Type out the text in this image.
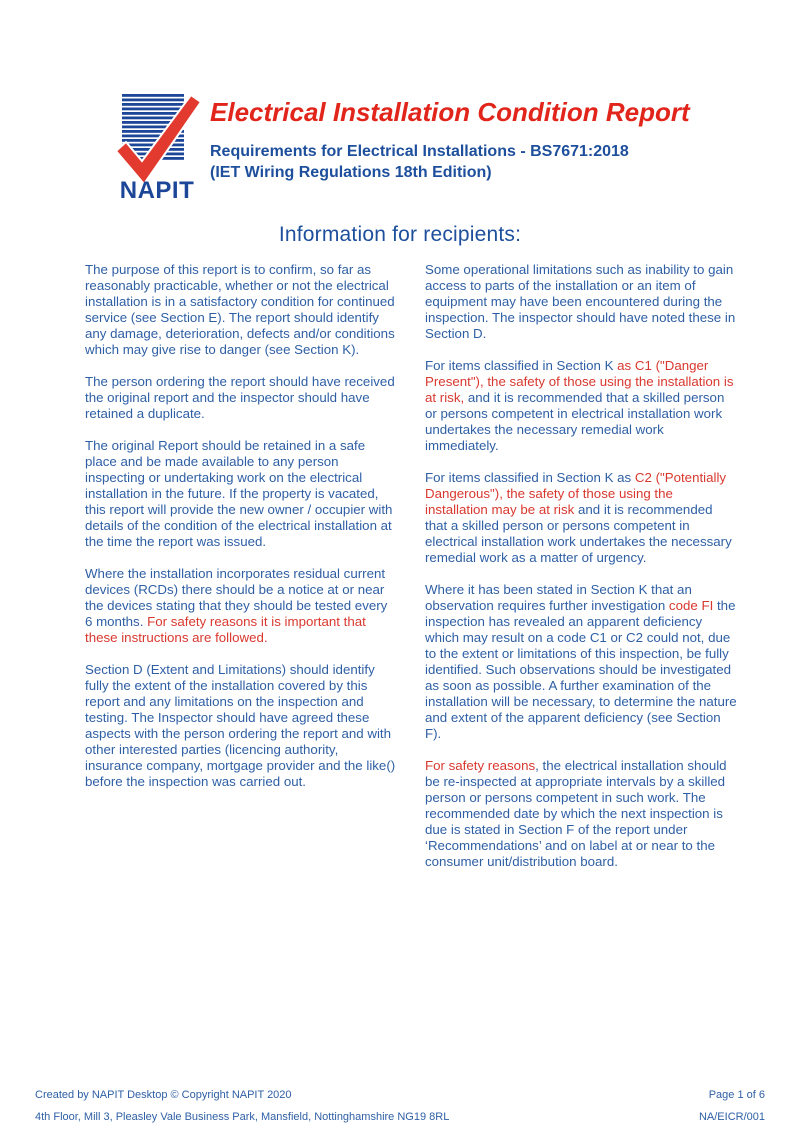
NAPIT
Electrical Installation Condition Report
Requirements for Electrical Installations - BS7671:2018
(IET Wiring Regulations 18th Edition)
Information for recipients:

The purpose of this report is to confirm, so far as reasonably practicable, whether or not the electrical installation is in a satisfactory condition for continued service (see Section E). The report should identify any damage, deterioration, defects and/or conditions which may give rise to danger (see Section K).

The person ordering the report should have received the original report and the inspector should have retained a duplicate.

The original Report should be retained in a safe place and be made available to any person inspecting or undertaking work on the electrical installation in the future. If the property is vacated, this report will provide the new owner / occupier with details of the condition of the electrical installation at the time the report was issued.

Where the installation incorporates residual current devices (RCDs) there should be a notice at or near the devices stating that they should be tested every 6 months. For safety reasons it is important that these instructions are followed.

Section D (Extent and Limitations) should identify fully the extent of the installation covered by this report and any limitations on the inspection and testing. The Inspector should have agreed these aspects with the person ordering the report and with other interested parties (licencing authority, insurance company, mortgage provider and the like() before the inspection was carried out.

Some operational limitations such as inability to gain access to parts of the installation or an item of equipment may have been encountered during the inspection. The inspector should have noted these in Section D.

For items classified in Section K as C1 ("Danger Present"), the safety of those using the installation is at risk, and it is recommended that a skilled person or persons competent in electrical installation work undertakes the necessary remedial work immediately.

For items classified in Section K as C2 ("Potentially Dangerous"), the safety of those using the installation may be at risk and it is recommended that a skilled person or persons competent in electrical installation work undertakes the necessary remedial work as a matter of urgency.

Where it has been stated in Section K that an observation requires further investigation code FI the inspection has revealed an apparent deficiency which may result on a code C1 or C2 could not, due to the extent or limitations of this inspection, be fully identified. Such observations should be investigated as soon as possible. A further examination of the installation will be necessary, to determine the nature and extent of the apparent deficiency (see Section F).

For safety reasons, the electrical installation should be re-inspected at appropriate intervals by a skilled person or persons competent in such work. The recommended date by which the next inspection is due is stated in Section F of the report under ‘Recommendations’ and on label at or near to the consumer unit/distribution board.

Created by NAPIT Desktop © Copyright NAPIT 2020	Page 1 of 6
4th Floor, Mill 3, Pleasley Vale Business Park, Mansfield, Nottinghamshire NG19 8RL	NA/EICR/001
